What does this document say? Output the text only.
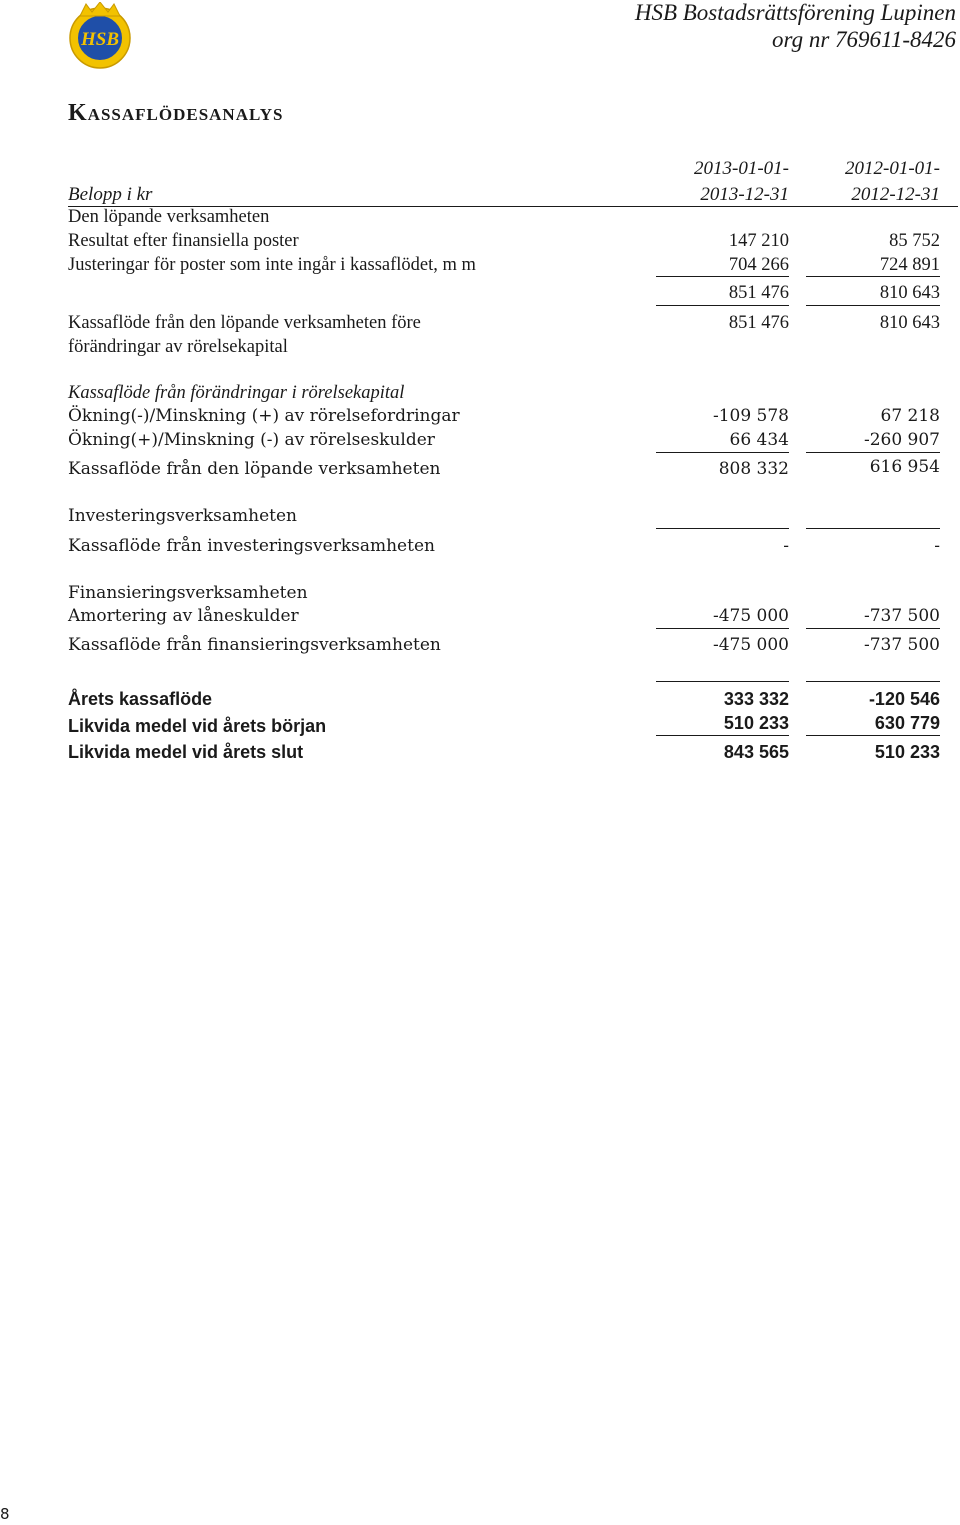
HSB
HSB Bostadsrättsförening Lupinen
org nr 769611-8426
Kassaflödesanalys
2013-01-01-
2013-12-31
2012-01-01-
2012-12-31
Belopp i kr
Den löpande verksamheten
Resultat efter finansiella poster	147 210	85 752
Justeringar för poster som inte ingår i kassaflödet, m m	704 266	724 891
851 476	810 643
Kassaflöde från den löpande verksamheten före
förändringar av rörelsekapital
851 476	810 643
Kassaflöde från förändringar i rörelsekapital
Ökning(-)/Minskning (+) av rörelsefordringar	-109 578	67 218
Ökning(+)/Minskning (-) av rörelseskulder	66 434	-260 907
Kassaflöde från den löpande verksamheten	808 332	616 954
Investeringsverksamheten
Kassaflöde från investeringsverksamheten	-	-
Finansieringsverksamheten
Amortering av låneskulder	-475 000	-737 500
Kassaflöde från finansieringsverksamheten	-475 000	-737 500
Årets kassaflöde	333 332	-120 546
Likvida medel vid årets början	510 233	630 779
Likvida medel vid årets slut	843 565	510 233
8
